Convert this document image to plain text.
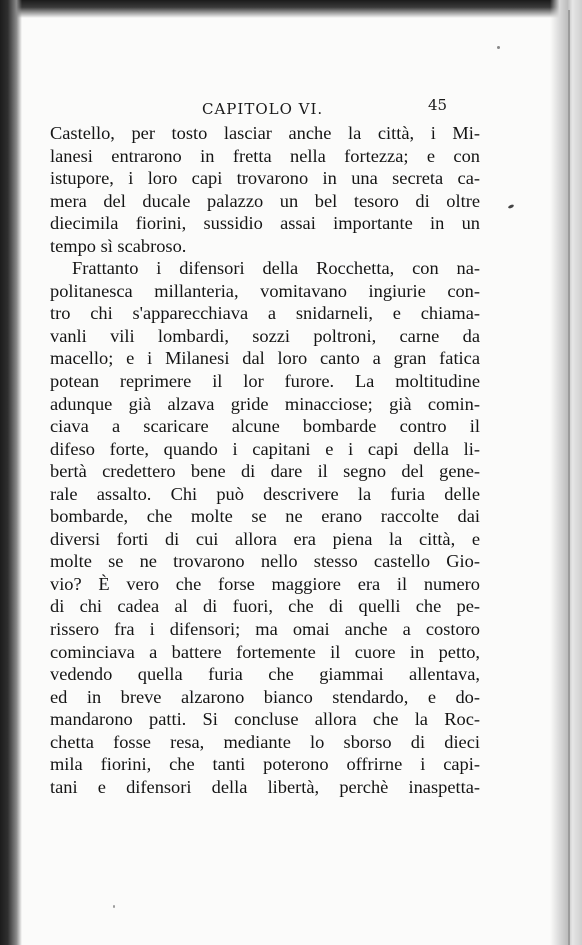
CAPITOLO VI.	45
Castello, per tosto lasciar anche la città, i Mi-
lanesi entrarono in fretta nella fortezza; e con
istupore, i loro capi trovarono in una secreta ca-
mera del ducale palazzo un bel tesoro di oltre
diecimila fiorini, sussidio assai importante in un
tempo sì scabroso.
Frattanto i difensori della Rocchetta, con na-
politanesca millanteria, vomitavano ingiurie con-
tro chi s'apparecchiava a snidarneli, e chiama-
vanli vili lombardi, sozzi poltroni, carne da
macello; e i Milanesi dal loro canto a gran fatica
potean reprimere il lor furore. La moltitudine
adunque già alzava gride minacciose; già comin-
ciava a scaricare alcune bombarde contro il
difeso forte, quando i capitani e i capi della li-
bertà credettero bene di dare il segno del gene-
rale assalto. Chi può descrivere la furia delle
bombarde, che molte se ne erano raccolte dai
diversi forti di cui allora era piena la città, e
molte se ne trovarono nello stesso castello Gio-
vio? È vero che forse maggiore era il numero
di chi cadea al di fuori, che di quelli che pe-
rissero fra i difensori; ma omai anche a costoro
cominciava a battere fortemente il cuore in petto,
vedendo quella furia che giammai allentava,
ed in breve alzarono bianco stendardo, e do-
mandarono patti. Si concluse allora che la Roc-
chetta fosse resa, mediante lo sborso di dieci
mila fiorini, che tanti poterono offrirne i capi-
tani e difensori della libertà, perchè inaspetta-
